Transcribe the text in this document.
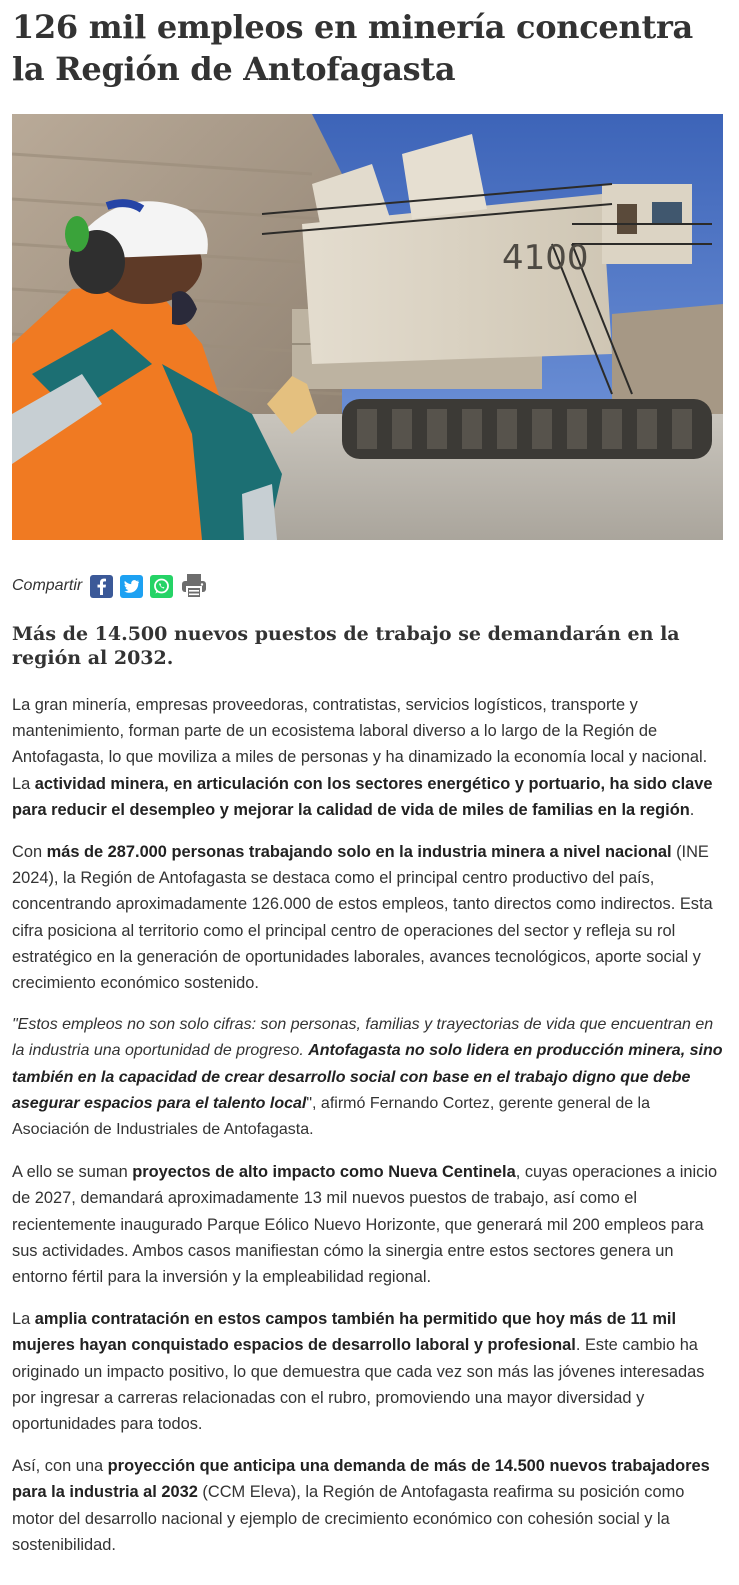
126 mil empleos en minería concentra la Región de Antofagasta
4100
Compartir
Más de 14.500 nuevos puestos de trabajo se demandarán en la región al 2032.

La gran minería, empresas proveedoras, contratistas, servicios logísticos, transporte y mantenimiento, forman parte de un ecosistema laboral diverso a lo largo de la Región de Antofagasta, lo que moviliza a miles de personas y ha dinamizado la economía local y nacional. La actividad minera, en articulación con los sectores energético y portuario, ha sido clave para reducir el desempleo y mejorar la calidad de vida de miles de familias en la región.

Con más de 287.000 personas trabajando solo en la industria minera a nivel nacional (INE 2024), la Región de Antofagasta se destaca como el principal centro productivo del país, concentrando aproximadamente 126.000 de estos empleos, tanto directos como indirectos. Esta cifra posiciona al territorio como el principal centro de operaciones del sector y refleja su rol estratégico en la generación de oportunidades laborales, avances tecnológicos, aporte social y crecimiento económico sostenido.

"Estos empleos no son solo cifras: son personas, familias y trayectorias de vida que encuentran en la industria una oportunidad de progreso. Antofagasta no solo lidera en producción minera, sino también en la capacidad de crear desarrollo social con base en el trabajo digno que debe asegurar espacios para el talento local", afirmó Fernando Cortez, gerente general de la Asociación de Industriales de Antofagasta.

A ello se suman proyectos de alto impacto como Nueva Centinela, cuyas operaciones a inicio de 2027, demandará aproximadamente 13 mil nuevos puestos de trabajo, así como el recientemente inaugurado Parque Eólico Nuevo Horizonte, que generará mil 200 empleos para sus actividades. Ambos casos manifiestan cómo la sinergia entre estos sectores genera un entorno fértil para la inversión y la empleabilidad regional.

La amplia contratación en estos campos también ha permitido que hoy más de 11 mil mujeres hayan conquistado espacios de desarrollo laboral y profesional. Este cambio ha originado un impacto positivo, lo que demuestra que cada vez son más las jóvenes interesadas por ingresar a carreras relacionadas con el rubro, promoviendo una mayor diversidad y oportunidades para todos.

Así, con una proyección que anticipa una demanda de más de 14.500 nuevos trabajadores para la industria al 2032 (CCM Eleva), la Región de Antofagasta reafirma su posición como motor del desarrollo nacional y ejemplo de crecimiento económico con cohesión social y la sostenibilidad.
